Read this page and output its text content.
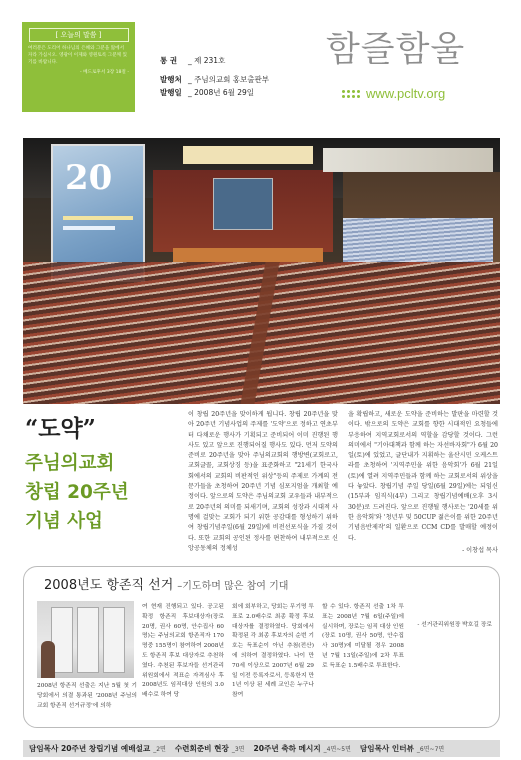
[ 오늘의 말씀 ]

여러분은 도리어 하나님의 은혜와 그분을 앎에서 자라 가십시오. 영광이 이제와 영원토록 그분께 있기를 바랍니다.

- 베드로후서 3장 18절 -

통 권 _ 제 231호
발행처 _ 주님의교회 홍보출판부
발행일 _ 2008년 6월 29일
함즐함울
www.pcltv.org
20
“도약”
주님의교회
창립 20주년
기념 사업

이 창립 20주년을 맞이하게 됩니다. 창립 20주년을 맞아 20주년 기념사업의 주제를 '도약'으로 정하고 연초부터 다채로운 행사가 기획되고 준비되어 이미 진행된 행사도 있고 앞으로 진행되어질 행사도 있다. 먼저 도약의 준비로 20주년을 맞아 주님의교회의 행방변(교회로고, 교회글꼴, 교회상징 등)을 표준화하고 "21세기 한국사회에서의 교회의 비판적인 위상"등의 주제로 가계의 전문가들을 초청하여 20주년 기념 심포지엄을 개최할 예정이다. 앞으로의 도약은 주님의교회 교우들과 내부적으로 20주년의 의미를 되새기며, 교회의 성장과 시대적 사명에 걸맞는 교회가 되기 위한 공감대를 형성하기 위하여 창립기념주일(6월 29일)에 비전선포식을 가질 것이다. 또한 교회의 공인된 정사를 편찬하여 내부적으로 신앙공동체의 정체성

을 확립하고, 새로운 도약을 준비하는 발판을 마련할 것이다. 밖으로의 도약은 교회를 향한 시대적인 요청들에 부응하여 지역교회로서의 역할을 감당할 것이다. 그런 의미에서 "기아대책과 함께 하는 자선바자회"가 6월 20일(토)에 있었고, 글단내가 지휘하는 울산시민 오케스트라를 초청하여 '지역주민을 위한 음악회'가 6월 21일(토)에 열려 지역주민들과 함께 하는 교회로서의 위상을 다 놓았다. 창립기념 주일 당일(6월 29일)에는 되임신(15부과 임직식(4부) 그리고 창립기념예배(오후 3시 30분)로 드려진다. 앞으로 진행될 행사로는 '20세를 위한 음악회'와 '청년부 및 50CUP 젊은이를 위한 20주년 기념음반제작'의 일환으로 CCM CD를 발매할 예정이다.
- 이창섭 목사
2008년도 항존직 선거 –기도하며 많은 참여 기대

2008년 항존직 선출은 지난 5월 첫 기당회에서 의결 통과된 '2008년 주님의교회 항존직 선거규정'에 의하

여 현재 진행되고 있다. 공고된 확정 항존직 후보대상자(장로 20명, 권사 60명, 안수집사 60명)는 주님의교회 항존직자 170명중 155명이 참여하여 2008년도 항존직 후보 대상자로 추천하였다. 추천된 후보자들 선거관리위원회에서 적표순 자격심사 후 2008년도 임직대상 인원의 3.0 배수로 하여 당

회에 회부하고, 당회는 무기명 투표로 2.0배수로 최종 확정 후보 대상자를 결정하였다. 당회에서 확정된 각 최종 후보자의 순번 기호는 득표순이 아닌 추첨(전산)에 의하여 결정하였다. 나이 만70세 이상으로 2007년 6월 29일 이전 등록자로서, 등록한지 만1년 이상 된 세례 교인은 누구나 참여

할 수 있다. 항존직 선출 1차 투표는 2008년 7월 6일(주일)에 실시하며, 장로는 임직 대상 인원(장로 10명, 권사 50명, 안수집사 30명)에 미달될 경우 2008년 7월 13일(주일)에 2차 투표로 득표순 1.5배수로 투표한다.

- 선거관리위원장 박호길 장로
담임목사 20주년 창립기념 예배설교 _2면 수련회준비 현장 _3면 20주년 축하 메시지 _4면~5면 담임목사 인터뷰 _6면~7면
